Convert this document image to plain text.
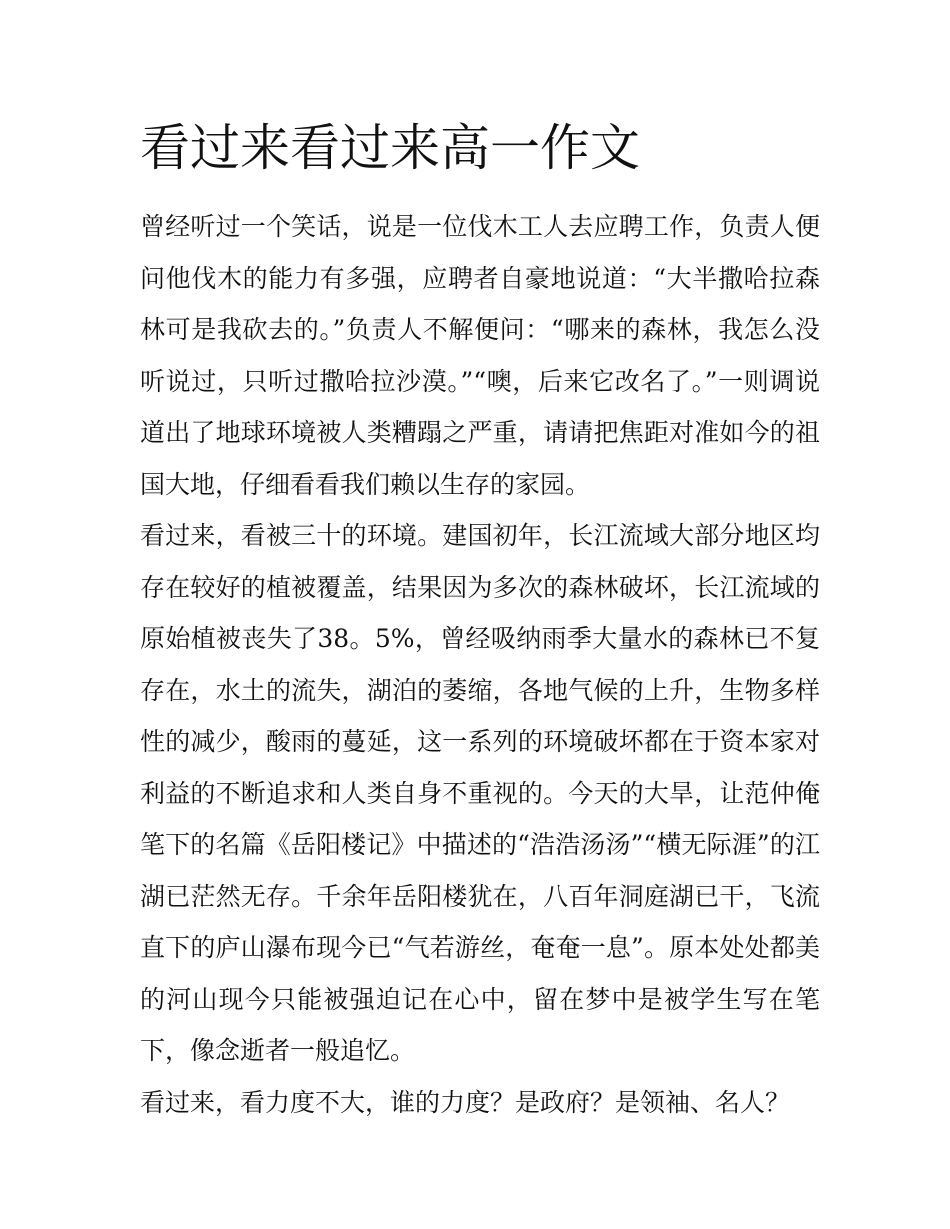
看过来看过来高一作文

曾经听过一个笑话，说是一位伐木工人去应聘工作，负责人便问他伐木的能力有多强，应聘者自豪地说道：“大半撒哈拉森林可是我砍去的。”负责人不解便问：“哪来的森林，我怎么没听说过，只听过撒哈拉沙漠。”“噢，后来它改名了。”一则调说道出了地球环境被人类糟蹋之严重，请请把焦距对准如今的祖国大地，仔细看看我们赖以生存的家园。

看过来，看被三十的环境。建国初年，长江流域大部分地区均存在较好的植被覆盖，结果因为多次的森林破坏，长江流域的原始植被丧失了38。5%，曾经吸纳雨季大量水的森林已不复存在，水土的流失，湖泊的萎缩，各地气候的上升，生物多样性的减少，酸雨的蔓延，这一系列的环境破坏都在于资本家对利益的不断追求和人类自身不重视的。今天的大旱，让范仲俺笔下的名篇《岳阳楼记》中描述的“浩浩汤汤”“横无际涯”的江湖已茫然无存。千余年岳阳楼犹在，八百年洞庭湖已干，飞流直下的庐山瀑布现今已“气若游丝，奄奄一息”。原本处处都美的河山现今只能被强迫记在心中，留在梦中是被学生写在笔下，像念逝者一般追忆。

看过来，看力度不大，谁的力度？是政府？是领袖、名人？
